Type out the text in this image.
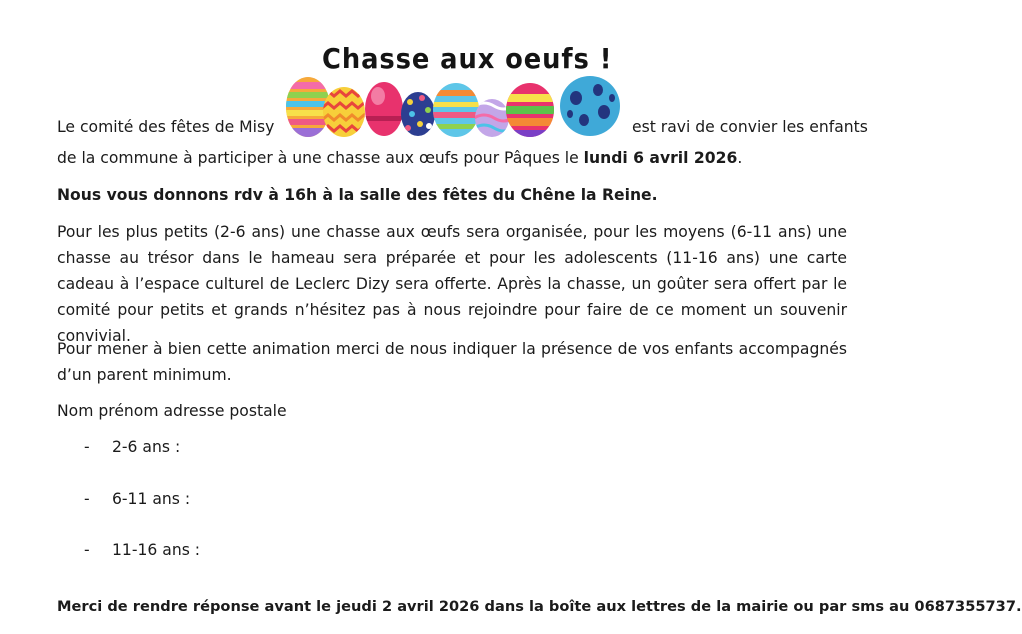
Chasse aux oeufs !
Le comité des fêtes de Misy	est ravi de convier les enfants

de la commune à participer à une chasse aux œufs pour Pâques le lundi 6 avril 2026.

Nous vous donnons rdv à 16h à la salle des fêtes du Chêne la Reine.

Pour les plus petits (2-6 ans) une chasse aux œufs sera organisée, pour les moyens (6-11 ans) une chasse au trésor dans le hameau sera préparée et pour les adolescents (11-16 ans) une carte cadeau à l’espace culturel de Leclerc Dizy sera offerte. Après la chasse, un goûter sera offert par le comité pour petits et grands n’hésitez pas à nous rejoindre pour faire de ce moment un souvenir convivial.

Pour mener à bien cette animation merci de nous indiquer la présence de vos enfants accompagnés d’un parent minimum.

Nom prénom adresse postale

- 2-6 ans :
- 6-11 ans :
- 11-16 ans :

Merci de rendre réponse avant le jeudi 2 avril 2026 dans la boîte aux lettres de la mairie ou par sms au 0687355737.
